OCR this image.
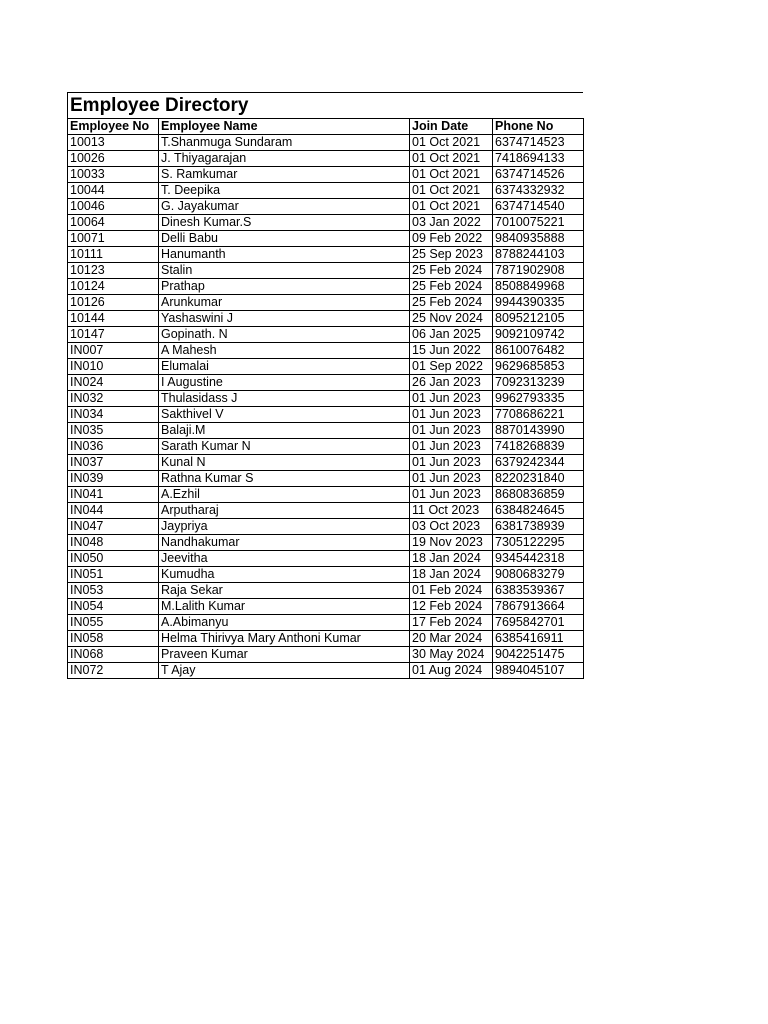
Employee Directory
Employee No	Employee Name	Join Date	Phone No
10013	T.Shanmuga Sundaram	01 Oct 2021	6374714523
10026	J. Thiyagarajan	01 Oct 2021	7418694133
10033	S. Ramkumar	01 Oct 2021	6374714526
10044	T. Deepika	01 Oct 2021	6374332932
10046	G. Jayakumar	01 Oct 2021	6374714540
10064	Dinesh Kumar.S	03 Jan 2022	7010075221
10071	Delli Babu	09 Feb 2022	9840935888
10111	Hanumanth	25 Sep 2023	8788244103
10123	Stalin	25 Feb 2024	7871902908
10124	Prathap	25 Feb 2024	8508849968
10126	Arunkumar	25 Feb 2024	9944390335
10144	Yashaswini J	25 Nov 2024	8095212105
10147	Gopinath. N	06 Jan 2025	9092109742
IN007	A Mahesh	15 Jun 2022	8610076482
IN010	Elumalai	01 Sep 2022	9629685853
IN024	I Augustine	26 Jan 2023	7092313239
IN032	Thulasidass J	01 Jun 2023	9962793335
IN034	Sakthivel V	01 Jun 2023	7708686221
IN035	Balaji.M	01 Jun 2023	8870143990
IN036	Sarath Kumar N	01 Jun 2023	7418268839
IN037	Kunal N	01 Jun 2023	6379242344
IN039	Rathna Kumar S	01 Jun 2023	8220231840
IN041	A.Ezhil	01 Jun 2023	8680836859
IN044	Arputharaj	11 Oct 2023	6384824645
IN047	Jaypriya	03 Oct 2023	6381738939
IN048	Nandhakumar	19 Nov 2023	7305122295
IN050	Jeevitha	18 Jan 2024	9345442318
IN051	Kumudha	18 Jan 2024	9080683279
IN053	Raja Sekar	01 Feb 2024	6383539367
IN054	M.Lalith Kumar	12 Feb 2024	7867913664
IN055	A.Abimanyu	17 Feb 2024	7695842701
IN058	Helma Thirivya Mary Anthoni Kumar	20 Mar 2024	6385416911
IN068	Praveen Kumar	30 May 2024	9042251475
IN072	T Ajay	01 Aug 2024	9894045107
